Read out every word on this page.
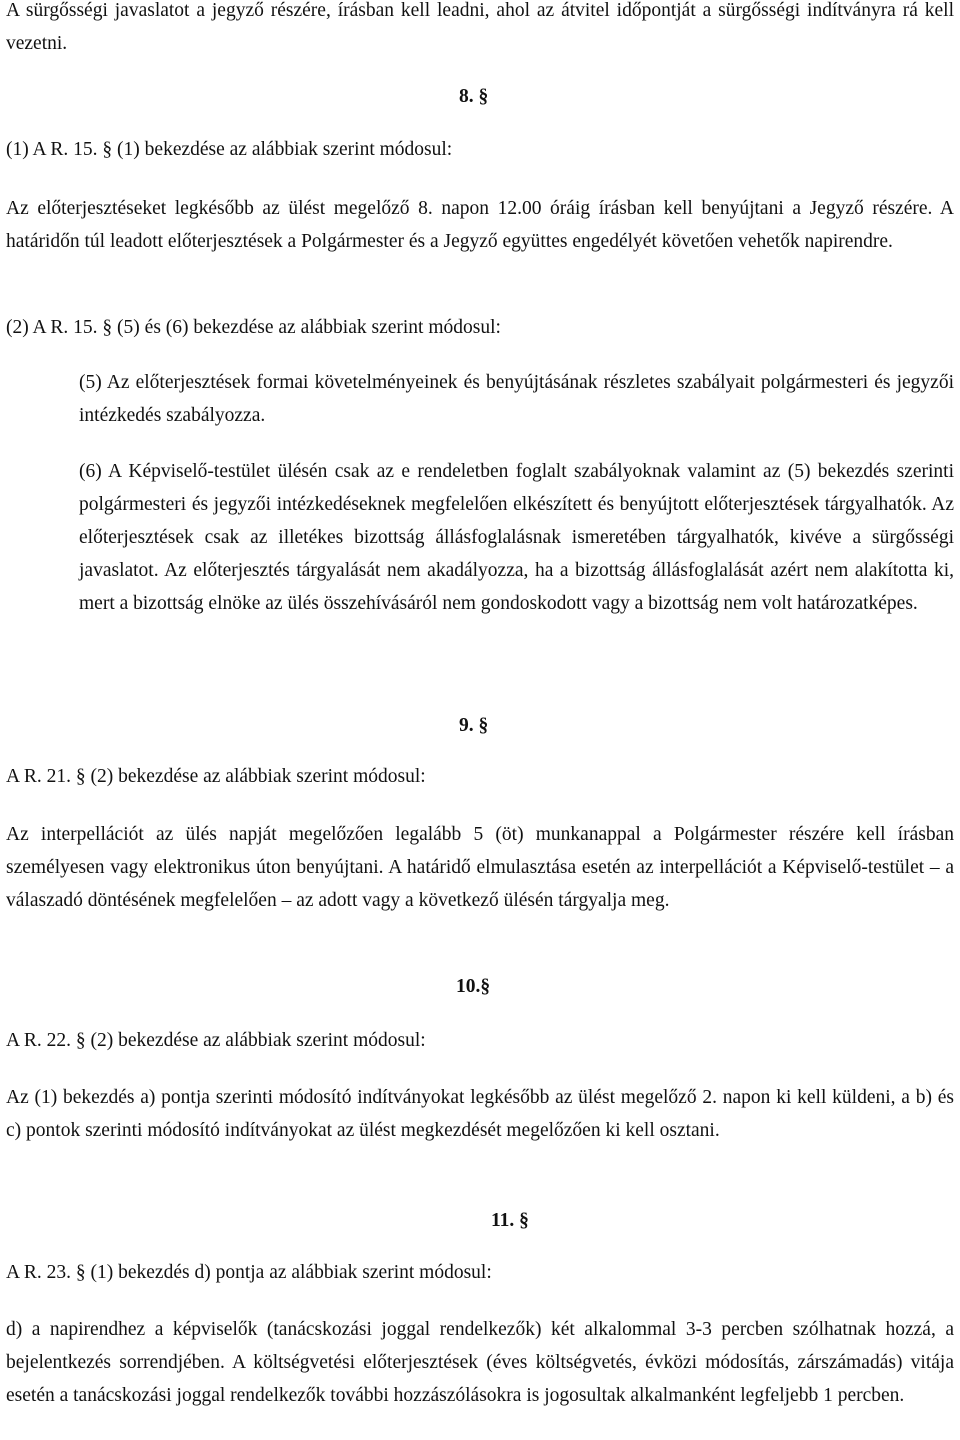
A sürgősségi javaslatot a jegyző részére, írásban kell leadni, ahol az átvitel időpontját a sürgősségi indítványra rá kell vezetni.

8. §

(1) A R. 15. § (1) bekezdése az alábbiak szerint módosul:

Az előterjesztéseket legkésőbb az ülést megelőző 8. napon 12.00 óráig írásban kell benyújtani a Jegyző részére. A határidőn túl leadott előterjesztések a Polgármester és a Jegyző együttes engedélyét követően vehetők napirendre.

(2) A R. 15. § (5) és (6) bekezdése az alábbiak szerint módosul:

(5) Az előterjesztések formai követelményeinek és benyújtásának részletes szabályait polgármesteri és jegyzői intézkedés szabályozza.

(6) A Képviselő-testület ülésén csak az e rendeletben foglalt szabályoknak valamint az (5) bekezdés szerinti polgármesteri és jegyzői intézkedéseknek megfelelően elkészített és benyújtott előterjesztések tárgyalhatók. Az előterjesztések csak az illetékes bizottság állásfoglalásnak ismeretében tárgyalhatók, kivéve a sürgősségi javaslatot. Az előterjesztés tárgyalását nem akadályozza, ha a bizottság állásfoglalását azért nem alakította ki, mert a bizottság elnöke az ülés összehívásáról nem gondoskodott vagy a bizottság nem volt határozatképes.

9. §

A R. 21. § (2) bekezdése az alábbiak szerint módosul:

Az interpellációt az ülés napját megelőzően legalább 5 (öt) munkanappal a Polgármester részére kell írásban személyesen vagy elektronikus úton benyújtani. A határidő elmulasztása esetén az interpellációt a Képviselő-testület – a válaszadó döntésének megfelelően – az adott vagy a következő ülésén tárgyalja meg.

10.§

A R. 22. § (2) bekezdése az alábbiak szerint módosul:

Az (1) bekezdés a) pontja szerinti módosító indítványokat legkésőbb az ülést megelőző 2. napon ki kell küldeni, a b) és c) pontok szerinti módosító indítványokat az ülést megkezdését megelőzően ki kell osztani.

11. §

A R. 23. § (1) bekezdés d) pontja az alábbiak szerint módosul:

d) a napirendhez a képviselők (tanácskozási joggal rendelkezők) két alkalommal 3-3 percben szólhatnak hozzá, a bejelentkezés sorrendjében. A költségvetési előterjesztések (éves költségvetés, évközi módosítás, zárszámadás) vitája esetén a tanácskozási joggal rendelkezők további hozzászólásokra is jogosultak alkalmanként legfeljebb 1 percben.
